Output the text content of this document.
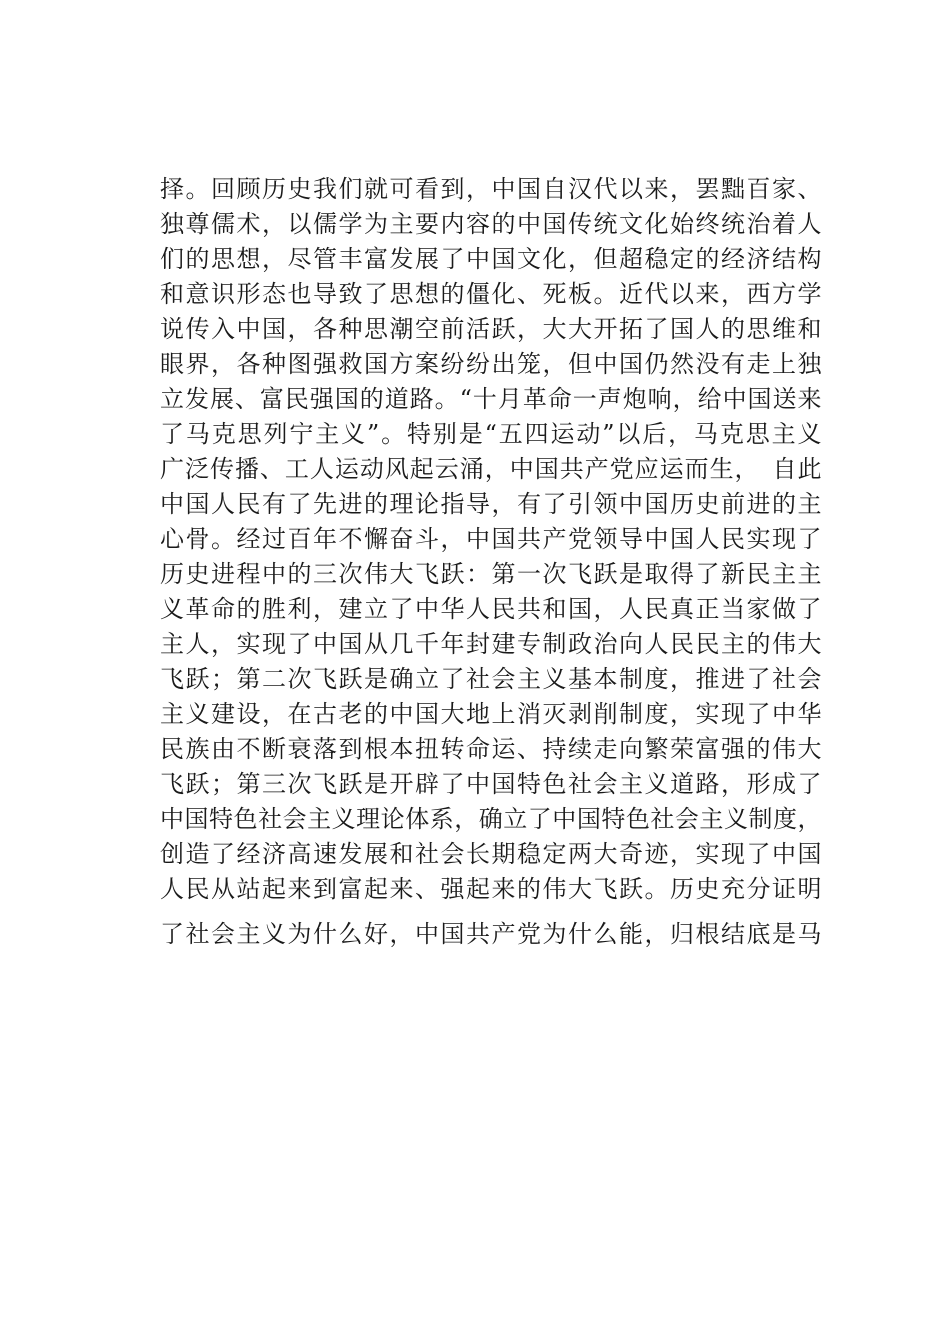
择。回顾历史我们就可看到，中国自汉代以来，罢黜百家、
独尊儒术，以儒学为主要内容的中国传统文化始终统治着人
们的思想，尽管丰富发展了中国文化，但超稳定的经济结构
和意识形态也导致了思想的僵化、死板。近代以来，西方学
说传入中国，各种思潮空前活跃，大大开拓了国人的思维和
眼界，各种图强救国方案纷纷出笼，但中国仍然没有走上独
立发展、富民强国的道路。“十月革命一声炮响，给中国送来
了马克思列宁主义”。特别是“五四运动”以后，马克思主义
广泛传播、工人运动风起云涌，中国共产党应运而生，　自此
中国人民有了先进的理论指导，有了引领中国历史前进的主
心骨。经过百年不懈奋斗，中国共产党领导中国人民实现了
历史进程中的三次伟大飞跃：第一次飞跃是取得了新民主主
义革命的胜利，建立了中华人民共和国，人民真正当家做了
主人，实现了中国从几千年封建专制政治向人民民主的伟大
飞跃；第二次飞跃是确立了社会主义基本制度，推进了社会
主义建设，在古老的中国大地上消灭剥削制度，实现了中华
民族由不断衰落到根本扭转命运、持续走向繁荣富强的伟大
飞跃；第三次飞跃是开辟了中国特色社会主义道路，形成了
中国特色社会主义理论体系，确立了中国特色社会主义制度，
创造了经济高速发展和社会长期稳定两大奇迹，实现了中国
人民从站起来到富起来、强起来的伟大飞跃。历史充分证明
了社会主义为什么好，中国共产党为什么能，归根结底是马
